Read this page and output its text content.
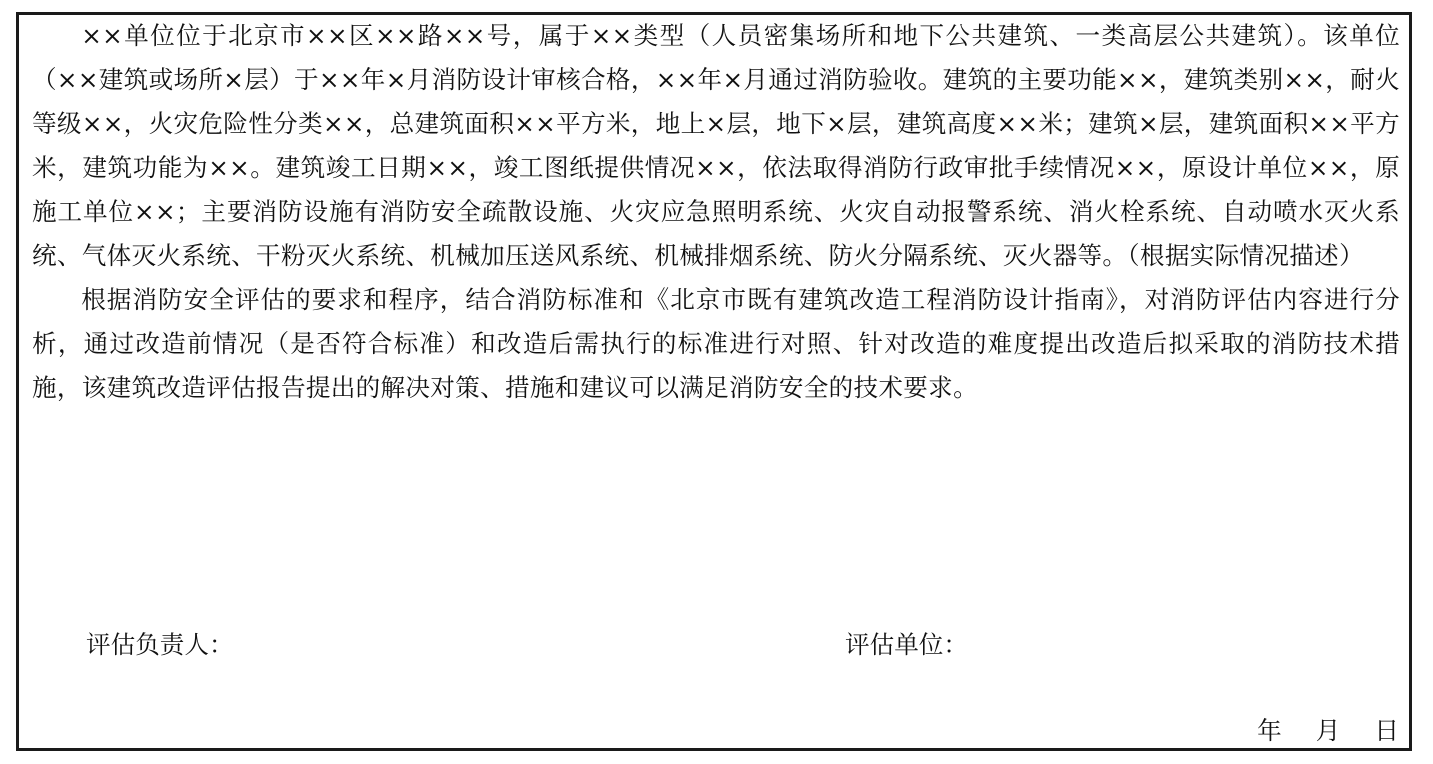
××单位位于北京市××区××路××号，属于××类型（人员密集场所和地下公共建筑、一类高层公共建筑）。该单位（××建筑或场所×层）于××年×月消防设计审核合格，××年×月通过消防验收。建筑的主要功能××，建筑类别××，耐火等级××，火灾危险性分类××，总建筑面积××平方米，地上×层，地下×层，建筑高度××米；建筑×层，建筑面积××平方米，建筑功能为××。建筑竣工日期××，竣工图纸提供情况××，依法取得消防行政审批手续情况××，原设计单位××，原施工单位××；主要消防设施有消防安全疏散设施、火灾应急照明系统、火灾自动报警系统、消火栓系统、自动喷水灭火系统、气体灭火系统、干粉灭火系统、机械加压送风系统、机械排烟系统、防火分隔系统、灭火器等。（根据实际情况描述）

根据消防安全评估的要求和程序，结合消防标准和《北京市既有建筑改造工程消防设计指南》，对消防评估内容进行分析，通过改造前情况（是否符合标准）和改造后需执行的标准进行对照、针对改造的难度提出改造后拟采取的消防技术措施，该建筑改造评估报告提出的解决对策、措施和建议可以满足消防安全的技术要求。

评估负责人：	评估单位：
年 月 日
